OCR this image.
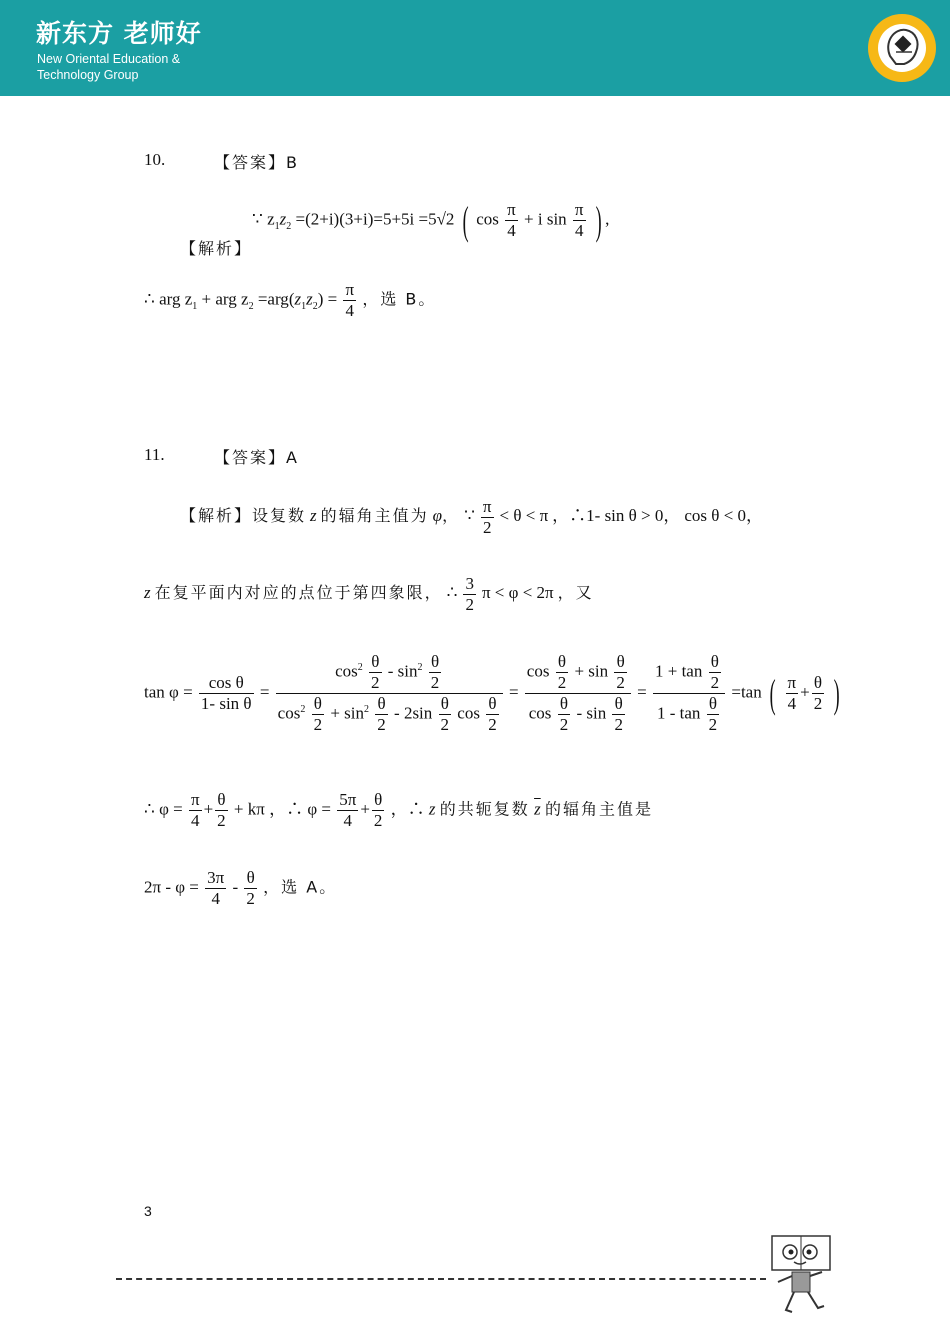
新东方 老师好
New Oriental Education &
Technology Group
10.	【答案】B
【解析】
∵ $z_1z_2 =(2+i)(3+i)=5+5i =5√2$ ( $\cos \frac{\pi}{4} + i$ $\sin \frac{\pi}{4}$ ) ,
∴ arg $z_1$ + arg $z_2 =arg(z_1z_2) = \frac{\pi}{4}$ ，选 B。
11.	【答案】A
【解析】设复数 z 的辐角主值为 φ， ∵ $\frac{\pi}{2} < \theta < \pi$ ，∴1- sin θ > 0， cos θ < 0，
z 在复平面内对应的点位于第四象限， ∴ $\frac{3}{2}$ π < φ < 2π ，又
$\tan \varphi = \frac{\text{cos θ}}{\text{1- sin θ}} = \frac{\cos^2 \frac{\theta}{2} - \sin^2 \frac{\theta}{2}}{\cos^2 \frac{\theta}{2} + \sin^2 \frac{\theta}{2} - 2\sin \frac{\theta}{2} \cos \frac{\theta}{2}} = \frac{\cos \frac{\theta}{2} + \sin \frac{\theta}{2}}{\cos \frac{\theta}{2} - \sin \frac{\theta}{2}} = \frac{1 + \tan \frac{\theta}{2}}{1 - \tan \frac{\theta}{2}} =\tan$ ( $\frac{\pi}{4} + \frac{\theta}{2}$ )
∴ $\varphi = \frac{\pi}{4} + \frac{\theta}{2} + k\pi$ ，∴ $\varphi = \frac{5\pi}{4} + \frac{\theta}{2}$ ，∴ z 的共轭复数 $\overline{z}$ 的辐角主值是
$2\pi - \varphi = \frac{3\pi}{4} - \frac{\theta}{2}$ ，选 A。
3
